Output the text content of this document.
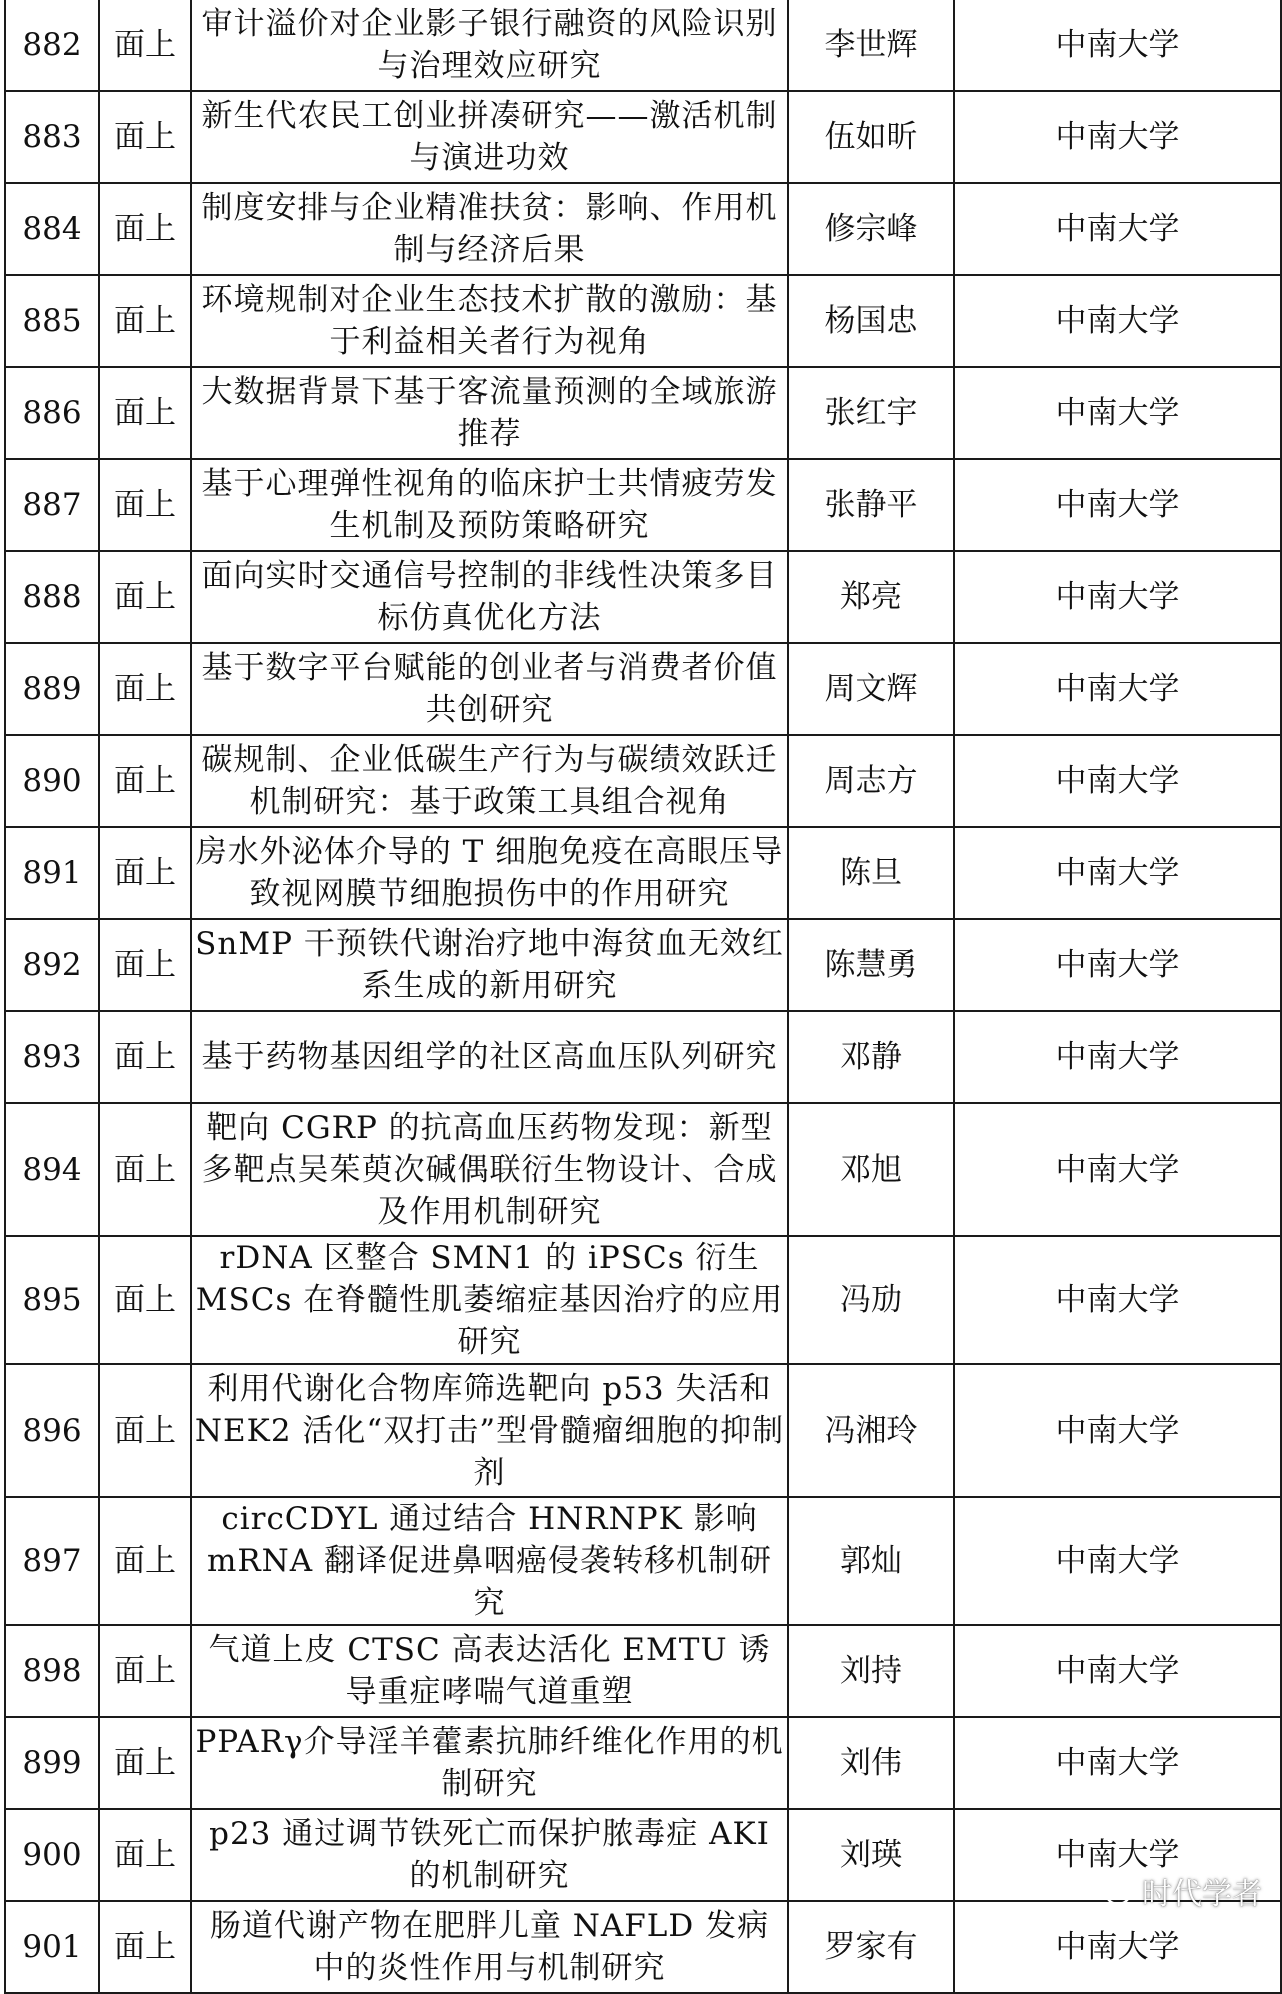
882	面上	审计溢价对企业影子银行融资的风险识别与治理效应研究	李世辉	中南大学
883	面上	新生代农民工创业拼凑研究——激活机制与演进功效	伍如昕	中南大学
884	面上	制度安排与企业精准扶贫：影响、作用机制与经济后果	修宗峰	中南大学
885	面上	环境规制对企业生态技术扩散的激励：基于利益相关者行为视角	杨国忠	中南大学
886	面上	大数据背景下基于客流量预测的全域旅游推荐	张红宇	中南大学
887	面上	基于心理弹性视角的临床护士共情疲劳发生机制及预防策略研究	张静平	中南大学
888	面上	面向实时交通信号控制的非线性决策多目标仿真优化方法	郑亮	中南大学
889	面上	基于数字平台赋能的创业者与消费者价值共创研究	周文辉	中南大学
890	面上	碳规制、企业低碳生产行为与碳绩效跃迁机制研究：基于政策工具组合视角	周志方	中南大学
891	面上	房水外泌体介导的 T 细胞免疫在高眼压导致视网膜节细胞损伤中的作用研究	陈旦	中南大学
892	面上	SnMP 干预铁代谢治疗地中海贫血无效红系生成的新用研究	陈慧勇	中南大学
893	面上	基于药物基因组学的社区高血压队列研究	邓静	中南大学
894	面上	靶向 CGRP 的抗高血压药物发现：新型多靶点吴茱萸次碱偶联衍生物设计、合成及作用机制研究	邓旭	中南大学
895	面上	rDNA 区整合 SMN1 的 iPSCs 衍生 MSCs 在脊髓性肌萎缩症基因治疗的应用研究	冯劢	中南大学
896	面上	利用代谢化合物库筛选靶向 p53 失活和 NEK2 活化“双打击”型骨髓瘤细胞的抑制剂	冯湘玲	中南大学
897	面上	circCDYL 通过结合 HNRNPK 影响 mRNA 翻译促进鼻咽癌侵袭转移机制研究	郭灿	中南大学
898	面上	气道上皮 CTSC 高表达活化 EMTU 诱导重症哮喘气道重塑	刘持	中南大学
899	面上	PPARγ介导淫羊藿素抗肺纤维化作用的机制研究	刘伟	中南大学
900	面上	p23 通过调节铁死亡而保护脓毒症 AKI 的机制研究	刘瑛	中南大学
901	面上	肠道代谢产物在肥胖儿童 NAFLD 发病中的炎性作用与机制研究	罗家有	中南大学
时代学者
